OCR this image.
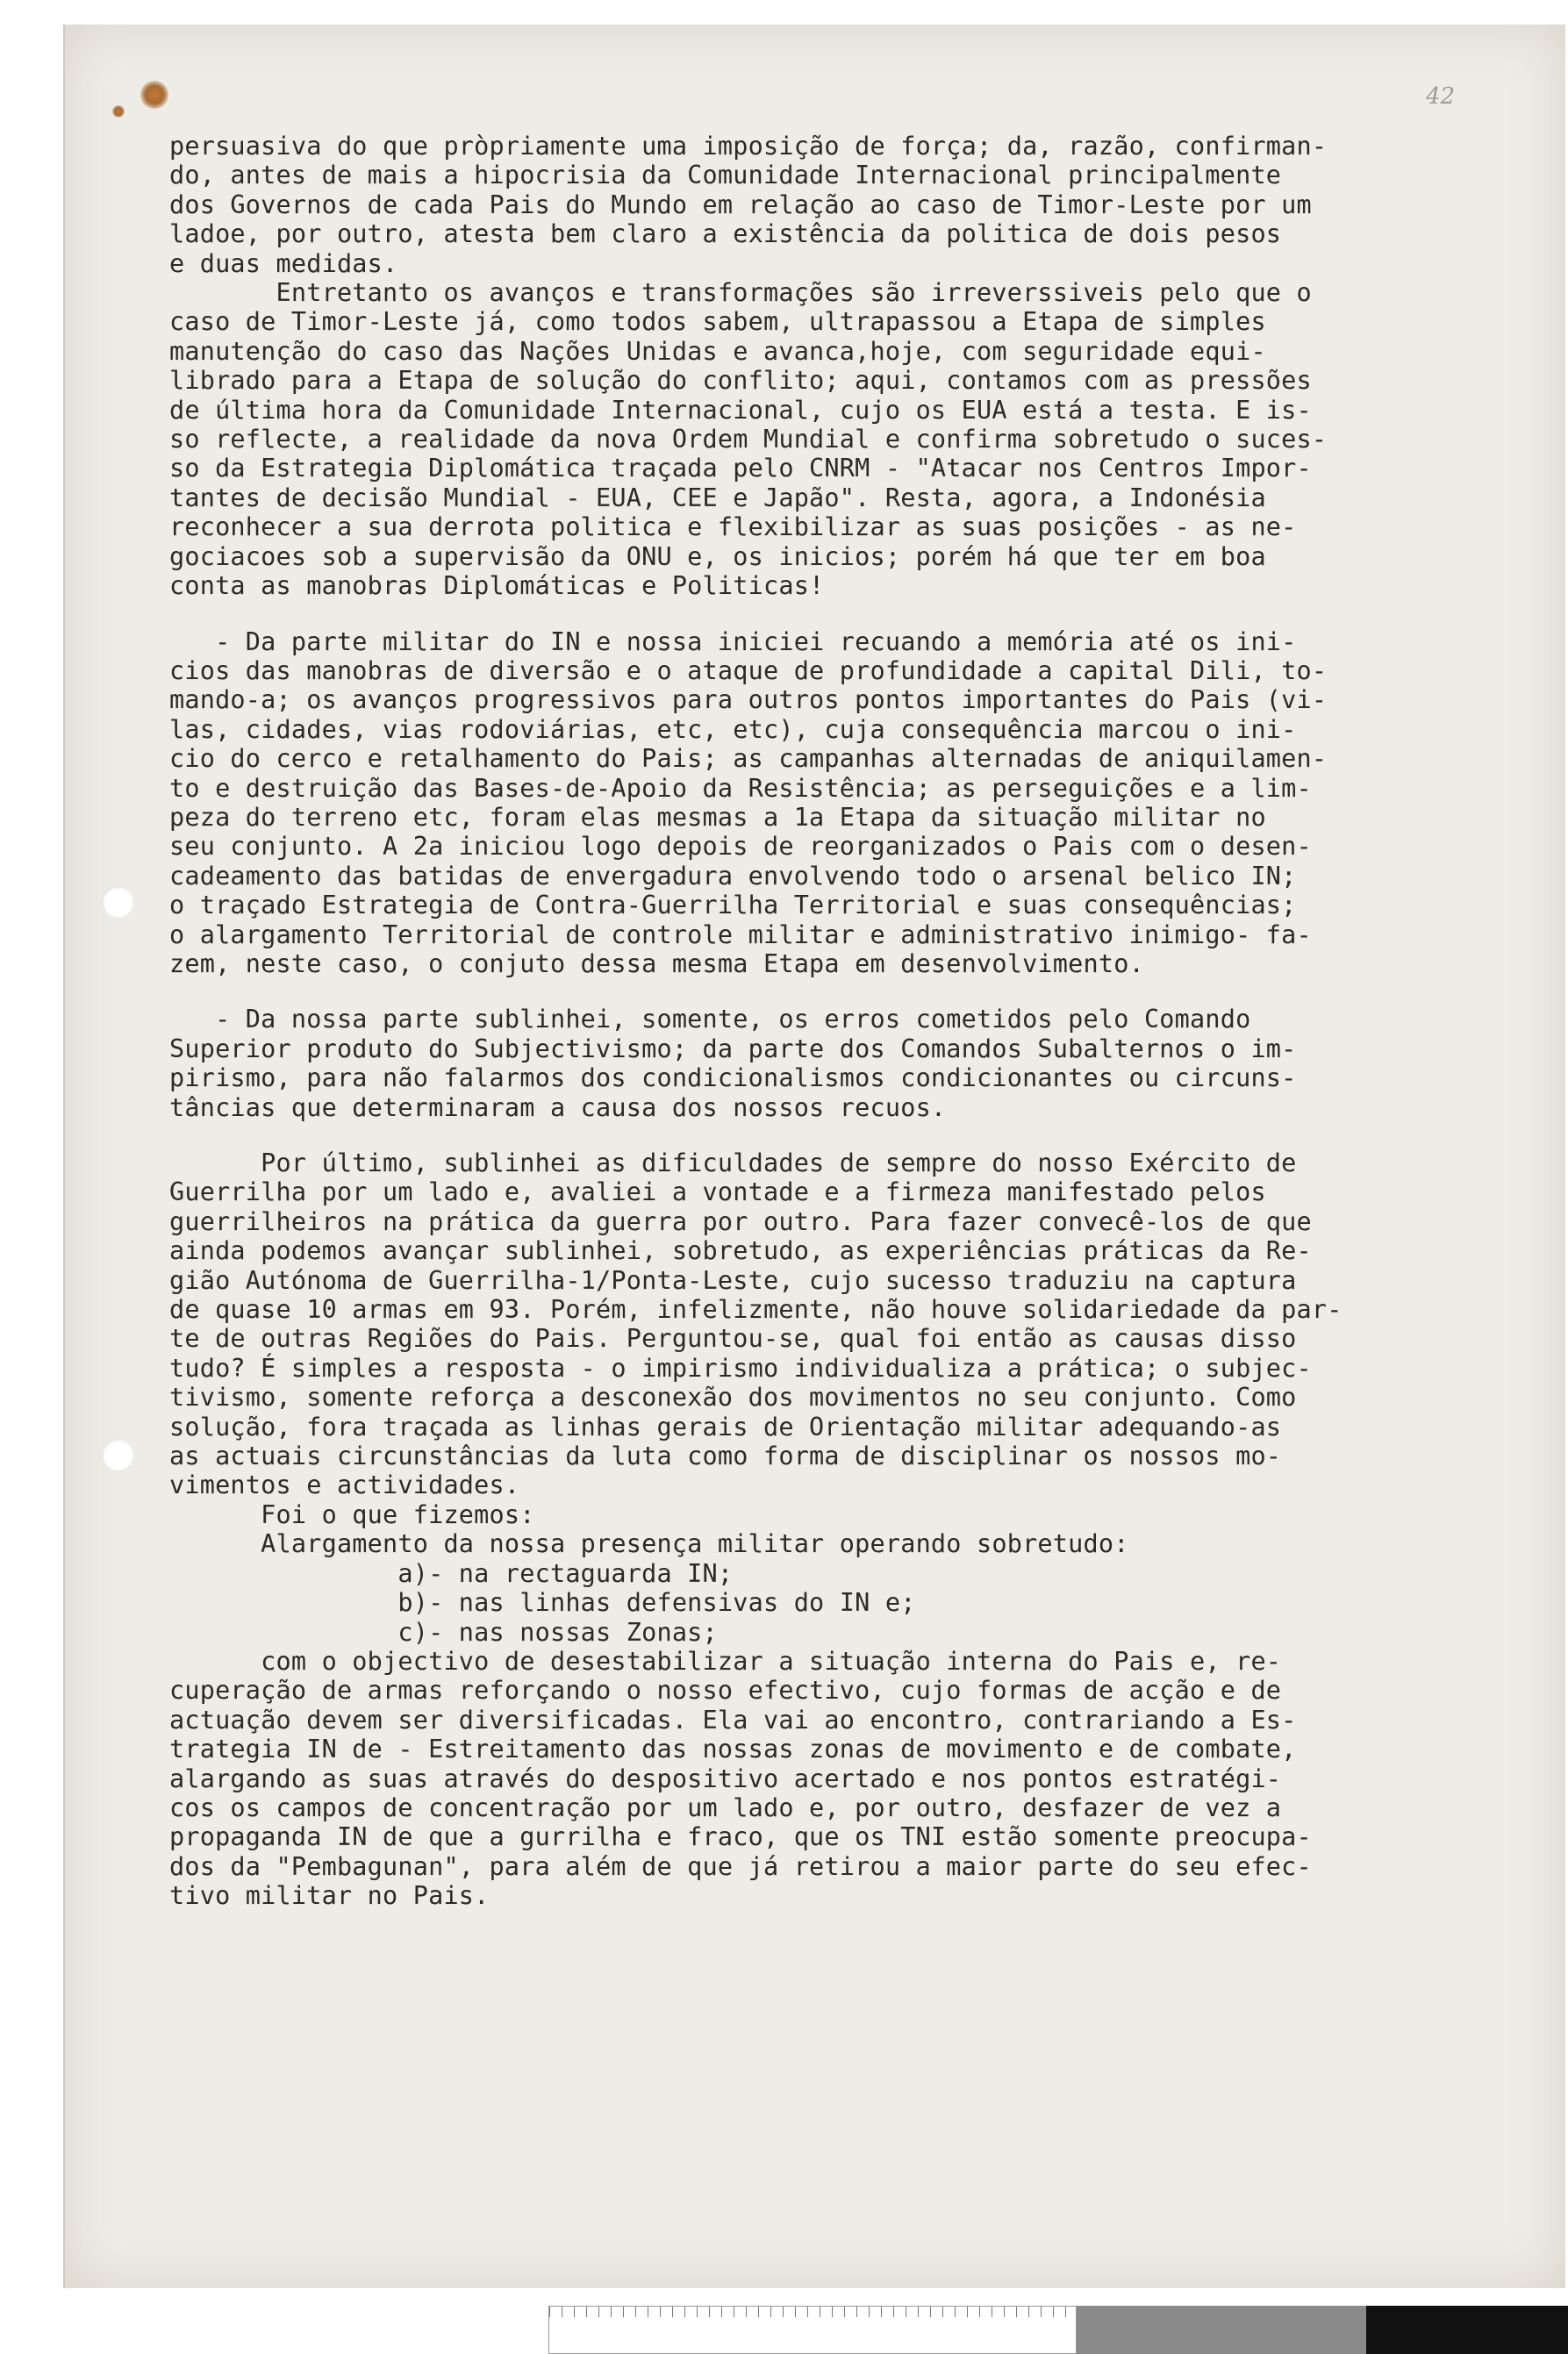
42

persuasiva do que pròpriamente uma imposição de força; da, razão, confirman-

do, antes de mais a hipocrisia da Comunidade Internacional principalmente

dos Governos de cada Pais do Mundo em relação ao caso de Timor-Leste por um

ladoe, por outro, atesta bem claro a existência da politica de dois pesos

e duas medidas.

Entretanto os avanços e transformações são irreverssiveis pelo que o

caso de Timor-Leste já, como todos sabem, ultrapassou a Etapa de simples

manutenção do caso das Nações Unidas e avanca,hoje, com seguridade equi-

librado para a Etapa de solução do conflito; aqui, contamos com as pressões

de última hora da Comunidade Internacional, cujo os EUA está a testa. E is-

so reflecte, a realidade da nova Ordem Mundial e confirma sobretudo o suces-

so da Estrategia Diplomática traçada pelo CNRM - "Atacar nos Centros Impor-

tantes de decisão Mundial - EUA, CEE e Japão". Resta, agora, a Indonésia

reconhecer a sua derrota politica e flexibilizar as suas posições - as ne-

gociacoes sob a supervisão da ONU e, os inicios; porém há que ter em boa

conta as manobras Diplomáticas e Politicas!

- Da parte militar do IN e nossa iniciei recuando a memória até os ini-

cios das manobras de diversão e o ataque de profundidade a capital Dili, to-

mando-a; os avanços progressivos para outros pontos importantes do Pais (vi-

las, cidades, vias rodoviárias, etc, etc), cuja consequência marcou o ini-

cio do cerco e retalhamento do Pais; as campanhas alternadas de aniquilamen-

to e destruição das Bases-de-Apoio da Resistência; as perseguições e a lim-

peza do terreno etc, foram elas mesmas a 1a Etapa da situação militar no

seu conjunto. A 2a iniciou logo depois de reorganizados o Pais com o desen-

cadeamento das batidas de envergadura envolvendo todo o arsenal belico IN;

o traçado Estrategia de Contra-Guerrilha Territorial e suas consequências;

o alargamento Territorial de controle militar e administrativo inimigo- fa-

zem, neste caso, o conjuto dessa mesma Etapa em desenvolvimento.

- Da nossa parte sublinhei, somente, os erros cometidos pelo Comando

Superior produto do Subjectivismo; da parte dos Comandos Subalternos o im-

pirismo, para não falarmos dos condicionalismos condicionantes ou circuns-

tâncias que determinaram a causa dos nossos recuos.

Por último, sublinhei as dificuldades de sempre do nosso Exército de

Guerrilha por um lado e, avaliei a vontade e a firmeza manifestado pelos

guerrilheiros na prática da guerra por outro. Para fazer convecê-los de que

ainda podemos avançar sublinhei, sobretudo, as experiências práticas da Re-

gião Autónoma de Guerrilha-1/Ponta-Leste, cujo sucesso traduziu na captura

de quase 10 armas em 93. Porém, infelizmente, não houve solidariedade da par-

te de outras Regiões do Pais. Perguntou-se, qual foi então as causas disso

tudo? É simples a resposta - o impirismo individualiza a prática; o subjec-

tivismo, somente reforça a desconexão dos movimentos no seu conjunto. Como

solução, fora traçada as linhas gerais de Orientação militar adequando-as

as actuais circunstâncias da luta como forma de disciplinar os nossos mo-

vimentos e actividades.

Foi o que fizemos:

Alargamento da nossa presença militar operando sobretudo:

a)- na rectaguarda IN;

b)- nas linhas defensivas do IN e;

c)- nas nossas Zonas;

com o objectivo de desestabilizar a situação interna do Pais e, re-

cuperação de armas reforçando o nosso efectivo, cujo formas de acção e de

actuação devem ser diversificadas. Ela vai ao encontro, contrariando a Es-

trategia IN de - Estreitamento das nossas zonas de movimento e de combate,

alargando as suas através do despositivo acertado e nos pontos estratégi-

cos os campos de concentração por um lado e, por outro, desfazer de vez a

propaganda IN de que a gurrilha e fraco, que os TNI estão somente preocupa-

dos da "Pembagunan", para além de que já retirou a maior parte do seu efec-

tivo militar no Pais.
